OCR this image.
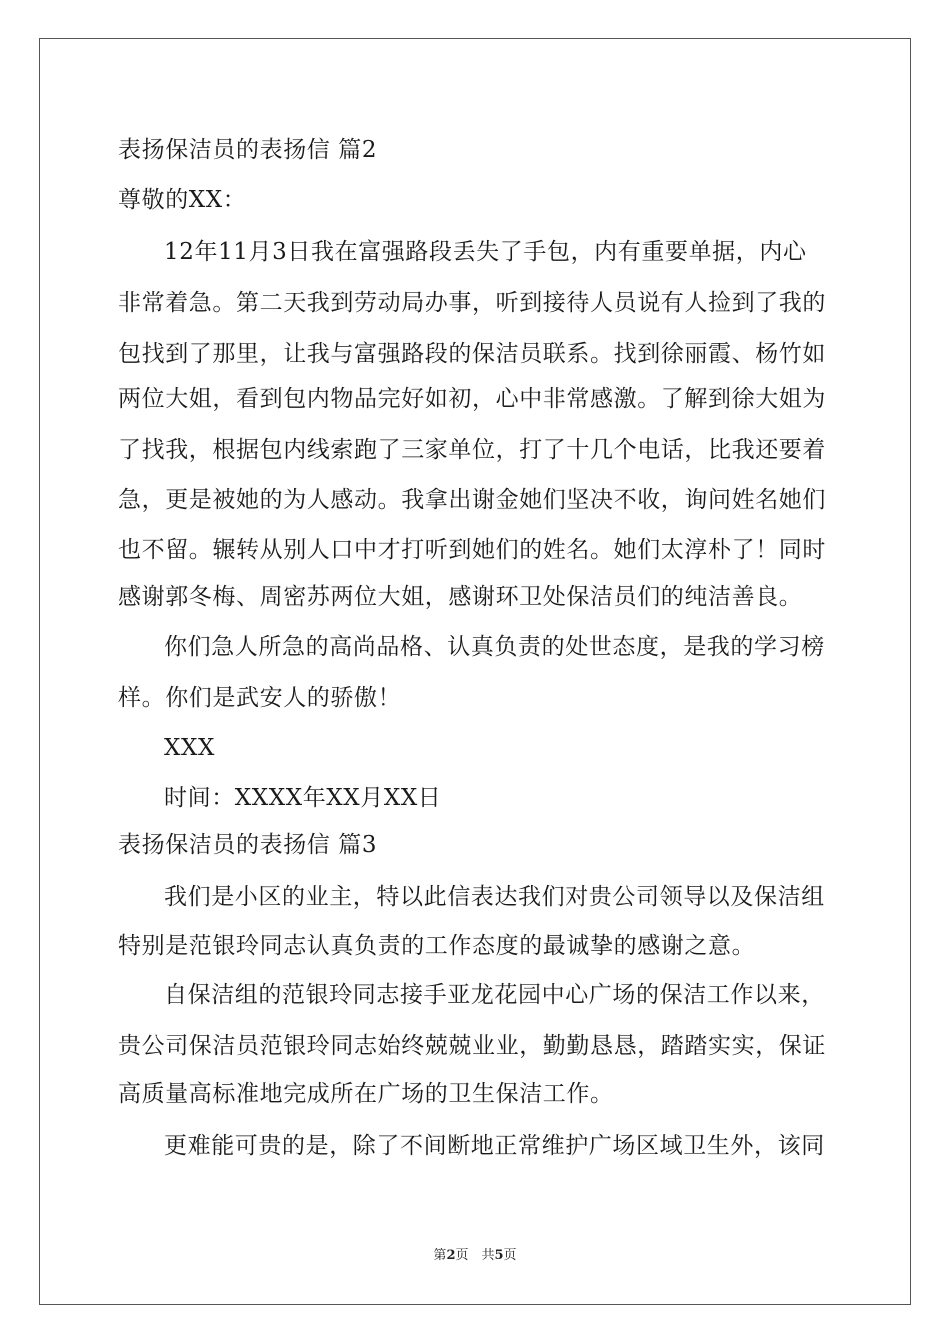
表扬保洁员的表扬信 篇2

尊敬的XX：

12年11月3日我在富强路段丢失了手包，内有重要单据，内心

非常着急。第二天我到劳动局办事，听到接待人员说有人捡到了我的

包找到了那里，让我与富强路段的保洁员联系。找到徐丽霞、杨竹如

两位大姐，看到包内物品完好如初，心中非常感激。了解到徐大姐为

了找我，根据包内线索跑了三家单位，打了十几个电话，比我还要着

急，更是被她的为人感动。我拿出谢金她们坚决不收，询问姓名她们

也不留。辗转从别人口中才打听到她们的姓名。她们太淳朴了！同时

感谢郭冬梅、周密苏两位大姐，感谢环卫处保洁员们的纯洁善良。

你们急人所急的高尚品格、认真负责的处世态度，是我的学习榜

样。你们是武安人的骄傲！

XXX

时间：XXXX年XX月XX日

表扬保洁员的表扬信 篇3

我们是小区的业主，特以此信表达我们对贵公司领导以及保洁组

特别是范银玲同志认真负责的工作态度的最诚挚的感谢之意。

自保洁组的范银玲同志接手亚龙花园中心广场的保洁工作以来，

贵公司保洁员范银玲同志始终兢兢业业，勤勤恳恳，踏踏实实，保证

高质量高标准地完成所在广场的卫生保洁工作。

更难能可贵的是，除了不间断地正常维护广场区域卫生外，该同

第2页　共5页
